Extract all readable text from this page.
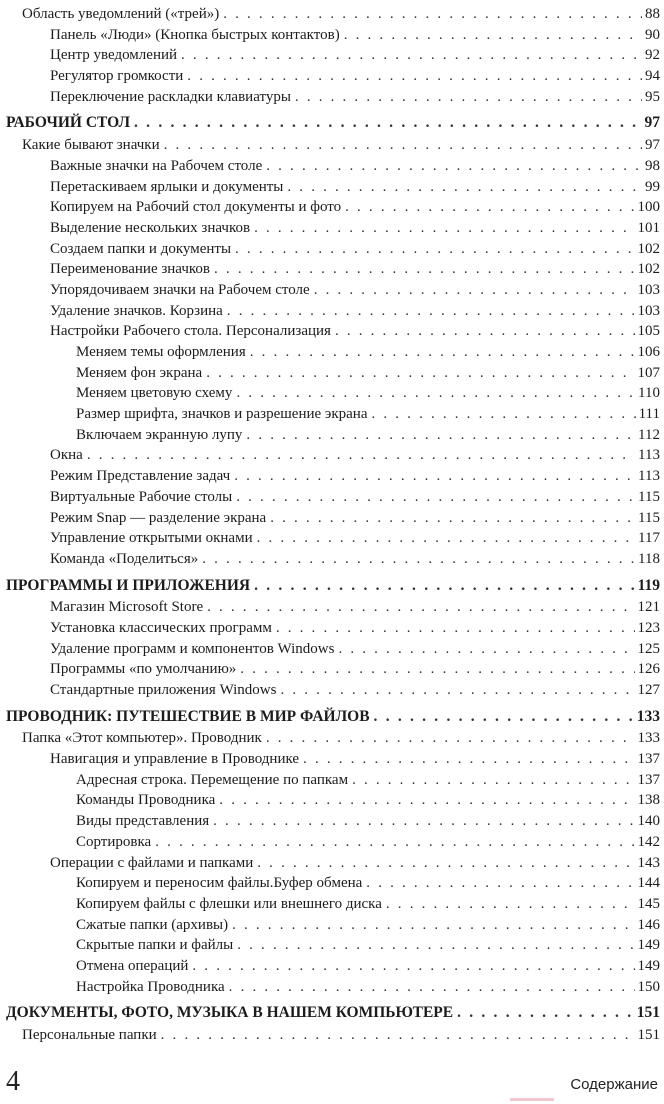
Область уведомлений («трей») . . .	88
Панель «Люди» (Кнопка быстрых контактов) . . .	90
Центр уведомлений . . .	92
Регулятор громкости . . .	94
Переключение раскладки клавиатуры . . .	95
РАБОЧИЙ СТОЛ . . .	97
Какие бывают значки . . .	97
Важные значки на Рабочем столе . . .	98
Перетаскиваем ярлыки и документы . . .	99
Копируем на Рабочий стол документы и фото . . .	100
Выделение нескольких значков . . .	101
Создаем папки и документы . . .	102
Переименование значков . . .	102
Упорядочиваем значки на Рабочем столе . . .	103
Удаление значков. Корзина . . .	103
Настройки Рабочего стола. Персонализация . . .	105
Меняем темы оформления . . .	106
Меняем фон экрана . . .	107
Меняем цветовую схему . . .	110
Размер шрифта, значков и разрешение экрана . . .	111
Включаем экранную лупу . . .	112
Окна . . .	113
Режим Представление задач . . .	113
Виртуальные Рабочие столы . . .	115
Режим Snap — разделение экрана . . .	115
Управление открытыми окнами . . .	117
Команда «Поделиться» . . .	118
ПРОГРАММЫ И ПРИЛОЖЕНИЯ . . .	119
Магазин Microsoft Store . . .	121
Установка классических программ . . .	123
Удаление программ и компонентов Windows . . .	125
Программы «по умолчанию» . . .	126
Стандартные приложения Windows . . .	127
ПРОВОДНИК: ПУТЕШЕСТВИЕ В МИР ФАЙЛОВ . . .	133
Папка «Этот компьютер». Проводник . . .	133
Навигация и управление в Проводнике . . .	137
Адресная строка. Перемещение по папкам . . .	137
Команды Проводника . . .	138
Виды представления . . .	140
Сортировка . . .	142
Операции с файлами и папками . . .	143
Копируем и переносим файлы.Буфер обмена . . .	144
Копируем файлы с флешки или внешнего диска . . .	145
Сжатые папки (архивы) . . .	146
Скрытые папки и файлы . . .	149
Отмена операций . . .	149
Настройка Проводника . . .	150
ДОКУМЕНТЫ, ФОТО, МУЗЫКА В НАШЕМ КОМПЬЮТЕРЕ . . .	151
Персональные папки . . .	151
4	Содержание
